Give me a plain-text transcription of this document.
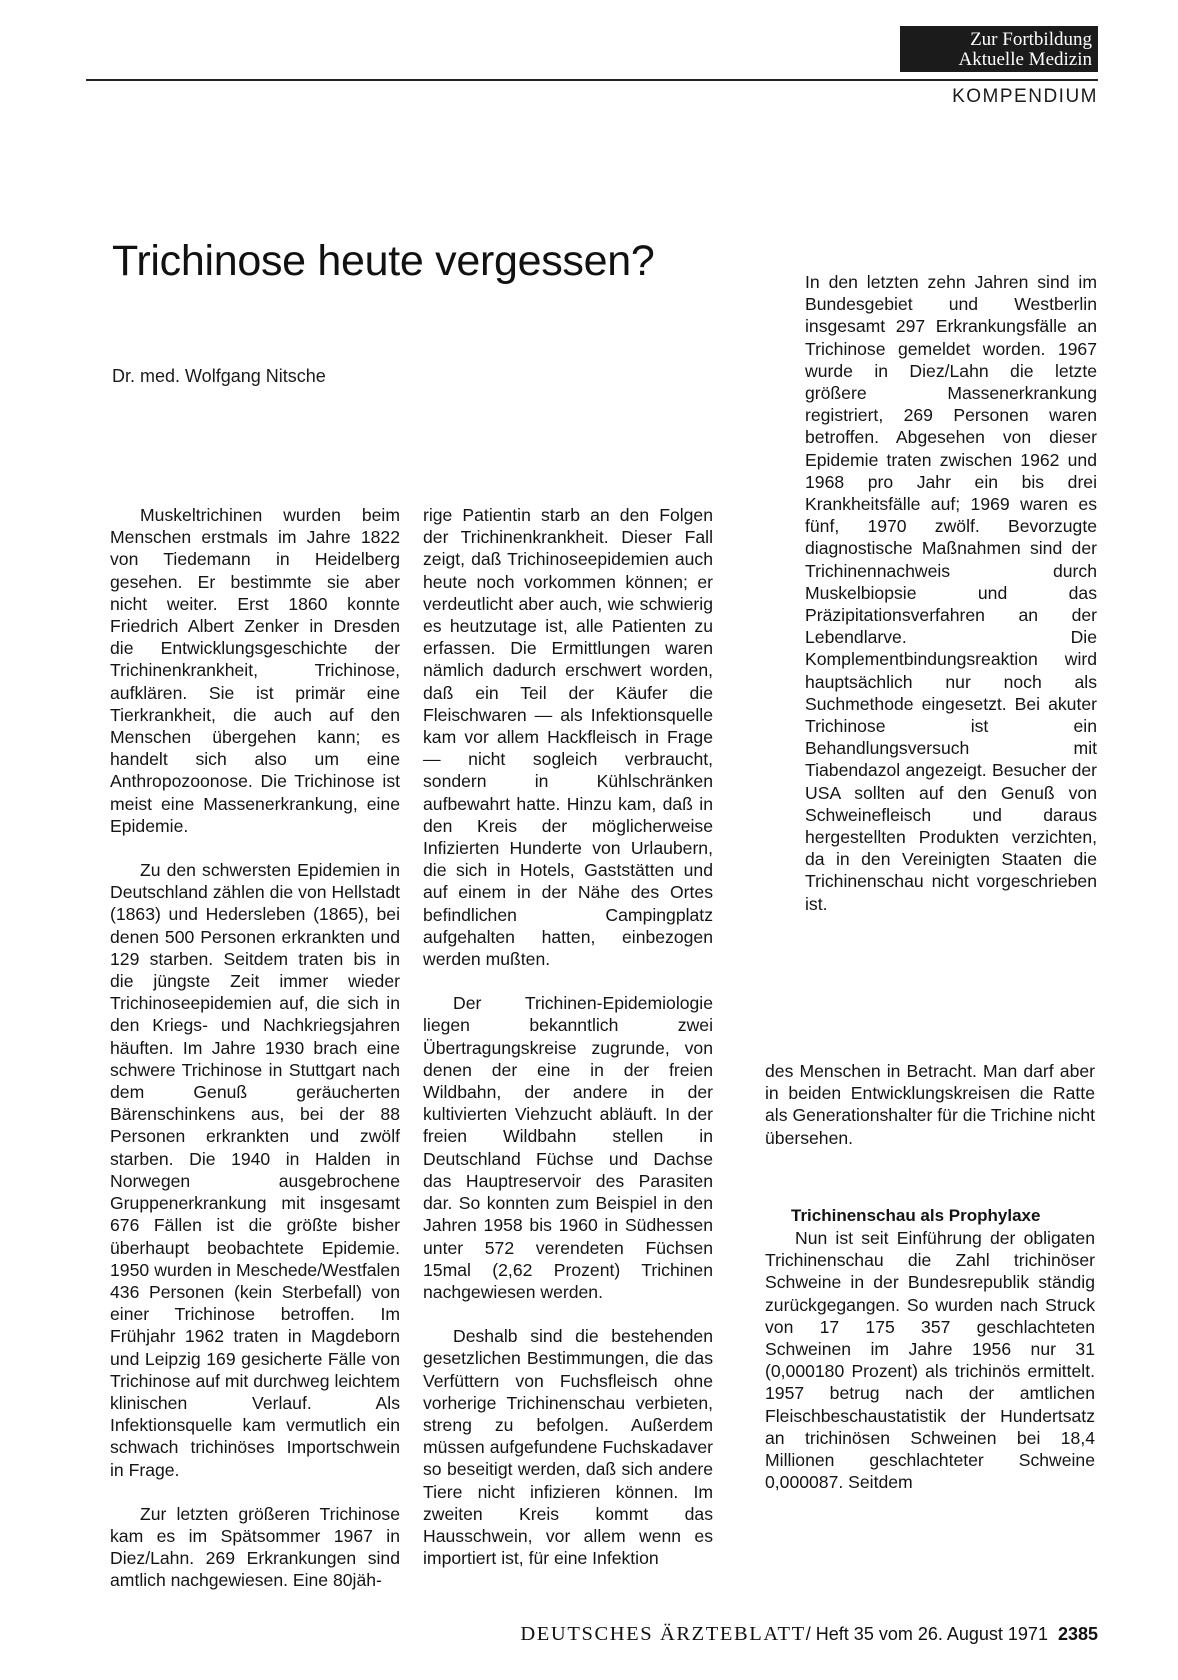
Zur Fortbildung
Aktuelle Medizin
KOMPENDIUM
Trichinose heute vergessen?
Dr. med. Wolfgang Nitsche

Muskeltrichinen wurden beim Menschen erstmals im Jahre 1822 von Tiedemann in Heidelberg gesehen. Er bestimmte sie aber nicht weiter. Erst 1860 konnte Friedrich Albert Zenker in Dresden die Entwicklungsgeschichte der Trichinenkrankheit, Trichinose, aufklären. Sie ist primär eine Tierkrankheit, die auch auf den Menschen übergehen kann; es handelt sich also um eine Anthropozoonose. Die Trichinose ist meist eine Massenerkrankung, eine Epidemie.

Zu den schwersten Epidemien in Deutschland zählen die von Hellstadt (1863) und Hedersleben (1865), bei denen 500 Personen erkrankten und 129 starben. Seitdem traten bis in die jüngste Zeit immer wieder Trichinoseepidemien auf, die sich in den Kriegs- und Nachkriegsjahren häuften. Im Jahre 1930 brach eine schwere Trichinose in Stuttgart nach dem Genuß geräucherten Bärenschinkens aus, bei der 88 Personen erkrankten und zwölf starben. Die 1940 in Halden in Norwegen ausgebrochene Gruppenerkrankung mit insgesamt 676 Fällen ist die größte bisher überhaupt beobachtete Epidemie. 1950 wurden in Meschede/Westfalen 436 Personen (kein Sterbefall) von einer Trichinose betroffen. Im Frühjahr 1962 traten in Magdeborn und Leipzig 169 gesicherte Fälle von Trichinose auf mit durchweg leichtem klinischen Verlauf. Als Infektionsquelle kam vermutlich ein schwach trichinöses Importschwein in Frage.

Zur letzten größeren Trichinose kam es im Spätsommer 1967 in Diez/Lahn. 269 Erkrankungen sind amtlich nachgewiesen. Eine 80jäh-

rige Patientin starb an den Folgen der Trichinenkrankheit. Dieser Fall zeigt, daß Trichinoseepidemien auch heute noch vorkommen können; er verdeutlicht aber auch, wie schwierig es heutzutage ist, alle Patienten zu erfassen. Die Ermittlungen waren nämlich dadurch erschwert worden, daß ein Teil der Käufer die Fleischwaren — als Infektionsquelle kam vor allem Hackfleisch in Frage — nicht sogleich verbraucht, sondern in Kühlschränken aufbewahrt hatte. Hinzu kam, daß in den Kreis der möglicherweise Infizierten Hunderte von Urlaubern, die sich in Hotels, Gaststätten und auf einem in der Nähe des Ortes befindlichen Campingplatz aufgehalten hatten, einbezogen werden mußten.

Der Trichinen-Epidemiologie liegen bekanntlich zwei Übertragungskreise zugrunde, von denen der eine in der freien Wildbahn, der andere in der kultivierten Viehzucht abläuft. In der freien Wildbahn stellen in Deutschland Füchse und Dachse das Hauptreservoir des Parasiten dar. So konnten zum Beispiel in den Jahren 1958 bis 1960 in Südhessen unter 572 verendeten Füchsen 15mal (2,62 Prozent) Trichinen nachgewiesen werden.

Deshalb sind die bestehenden gesetzlichen Bestimmungen, die das Verfüttern von Fuchsfleisch ohne vorherige Trichinenschau verbieten, streng zu befolgen. Außerdem müssen aufgefundene Fuchskadaver so beseitigt werden, daß sich andere Tiere nicht infizieren können. Im zweiten Kreis kommt das Hausschwein, vor allem wenn es importiert ist, für eine Infektion

In den letzten zehn Jahren sind im Bundesgebiet und Westberlin insgesamt 297 Erkrankungsfälle an Trichinose gemeldet worden. 1967 wurde in Diez/Lahn die letzte größere Massenerkrankung registriert, 269 Personen waren betroffen. Abgesehen von dieser Epidemie traten zwischen 1962 und 1968 pro Jahr ein bis drei Krankheitsfälle auf; 1969 waren es fünf, 1970 zwölf. Bevorzugte diagnostische Maßnahmen sind der Trichinennachweis durch Muskelbiopsie und das Präzipitationsverfahren an der Lebendlarve. Die Komplementbindungsreaktion wird hauptsächlich nur noch als Suchmethode eingesetzt. Bei akuter Trichinose ist ein Behandlungsversuch mit Tiabendazol angezeigt. Besucher der USA sollten auf den Genuß von Schweinefleisch und daraus hergestellten Produkten verzichten, da in den Vereinigten Staaten die Trichinenschau nicht vorgeschrieben ist.

des Menschen in Betracht. Man darf aber in beiden Entwicklungskreisen die Ratte als Generationshalter für die Trichine nicht übersehen.

Trichinenschau als Prophylaxe

Nun ist seit Einführung der obligaten Trichinenschau die Zahl trichinöser Schweine in der Bundesrepublik ständig zurückgegangen. So wurden nach Struck von 17 175 357 geschlachteten Schweinen im Jahre 1956 nur 31 (0,000180 Prozent) als trichinös ermittelt. 1957 betrug nach der amtlichen Fleischbeschaustatistik der Hundertsatz an trichinösen Schweinen bei 18,4 Millionen geschlachteter Schweine 0,000087. Seitdem

DEUTSCHES ÄRZTEBLATT/ Heft 35 vom 26. August 1971 2385
